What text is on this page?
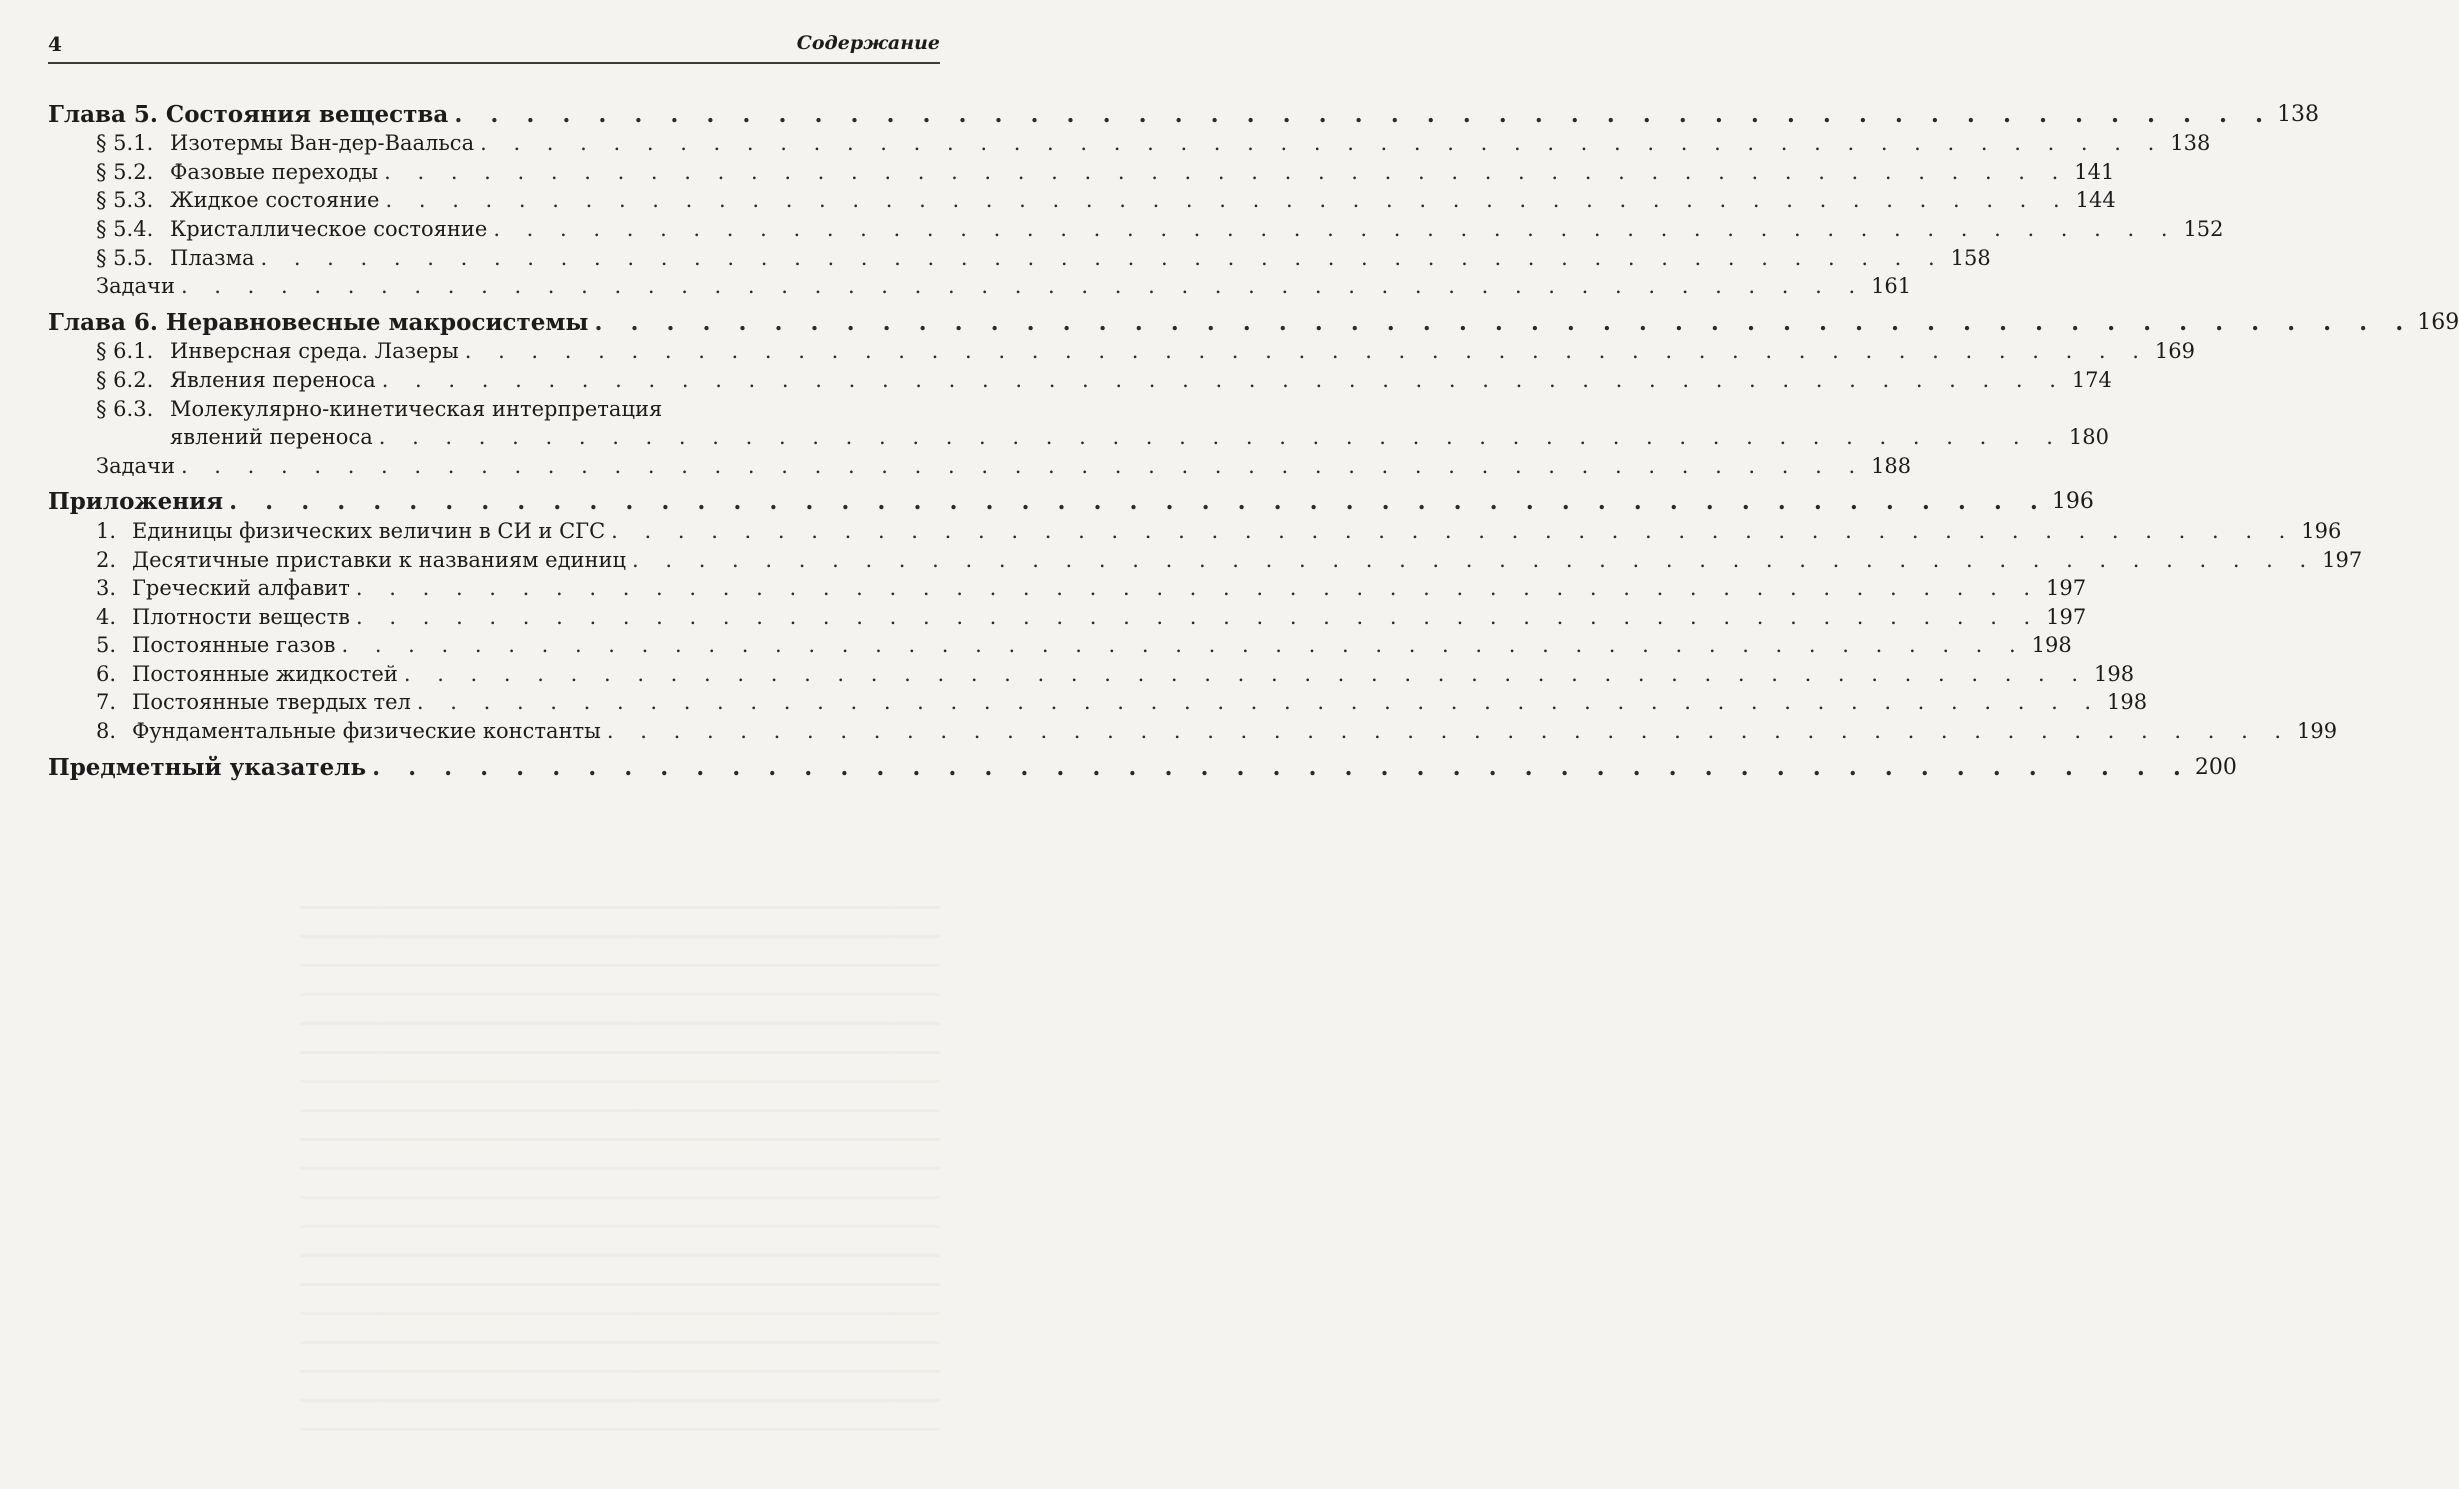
4	Содержание
Глава 5. Состояния вещества . . .	138
§ 5.1. Изотермы Ван-дер-Ваальса . . .	138
§ 5.2. Фазовые переходы . . .	141
§ 5.3. Жидкое состояние . . .	144
§ 5.4. Кристаллическое состояние . . .	152
§ 5.5. Плазма . . .	158
Задачи . . .	161
Глава 6. Неравновесные макросистемы . . .	169
§ 6.1. Инверсная среда. Лазеры . . .	169
§ 6.2. Явления переноса . . .	174
§ 6.3. Молекулярно-кинетическая интерпретация
явлений переноса . . .	180
Задачи . . .	188
Приложения . . .	196
1. Единицы физических величин в СИ и СГС . . .	196
2. Десятичные приставки к названиям единиц . . .	197
3. Греческий алфавит . . .	197
4. Плотности веществ . . .	197
5. Постоянные газов . . .	198
6. Постоянные жидкостей . . .	198
7. Постоянные твердых тел . . .	198
8. Фундаментальные физические константы . . .	199
Предметный указатель . . .	200
